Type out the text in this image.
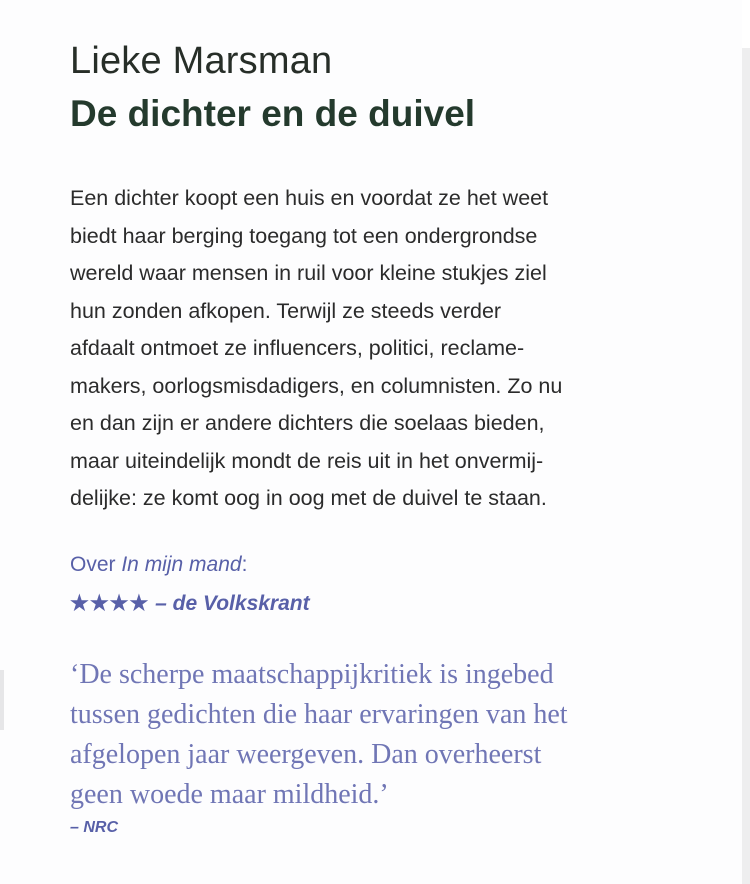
Lieke Marsman
De dichter en de duivel

Een dichter koopt een huis en voordat ze het weet
biedt haar berging toegang tot een ondergrondse
wereld waar mensen in ruil voor kleine stukjes ziel
hun zonden afkopen. Terwijl ze steeds verder
afdaalt ontmoet ze influencers, politici, reclame-
makers, oorlogsmisdadigers, en columnisten. Zo nu
en dan zijn er andere dichters die soelaas bieden,
maar uiteindelijk mondt de reis uit in het onvermij-
delijke: ze komt oog in oog met de duivel te staan.

Over In mijn mand:
★★★★ – de Volkskrant

‘De scherpe maatschappijkritiek is ingebed
tussen gedichten die haar ervaringen van het
afgelopen jaar weergeven. Dan overheerst
geen woede maar mildheid.’

– NRC
